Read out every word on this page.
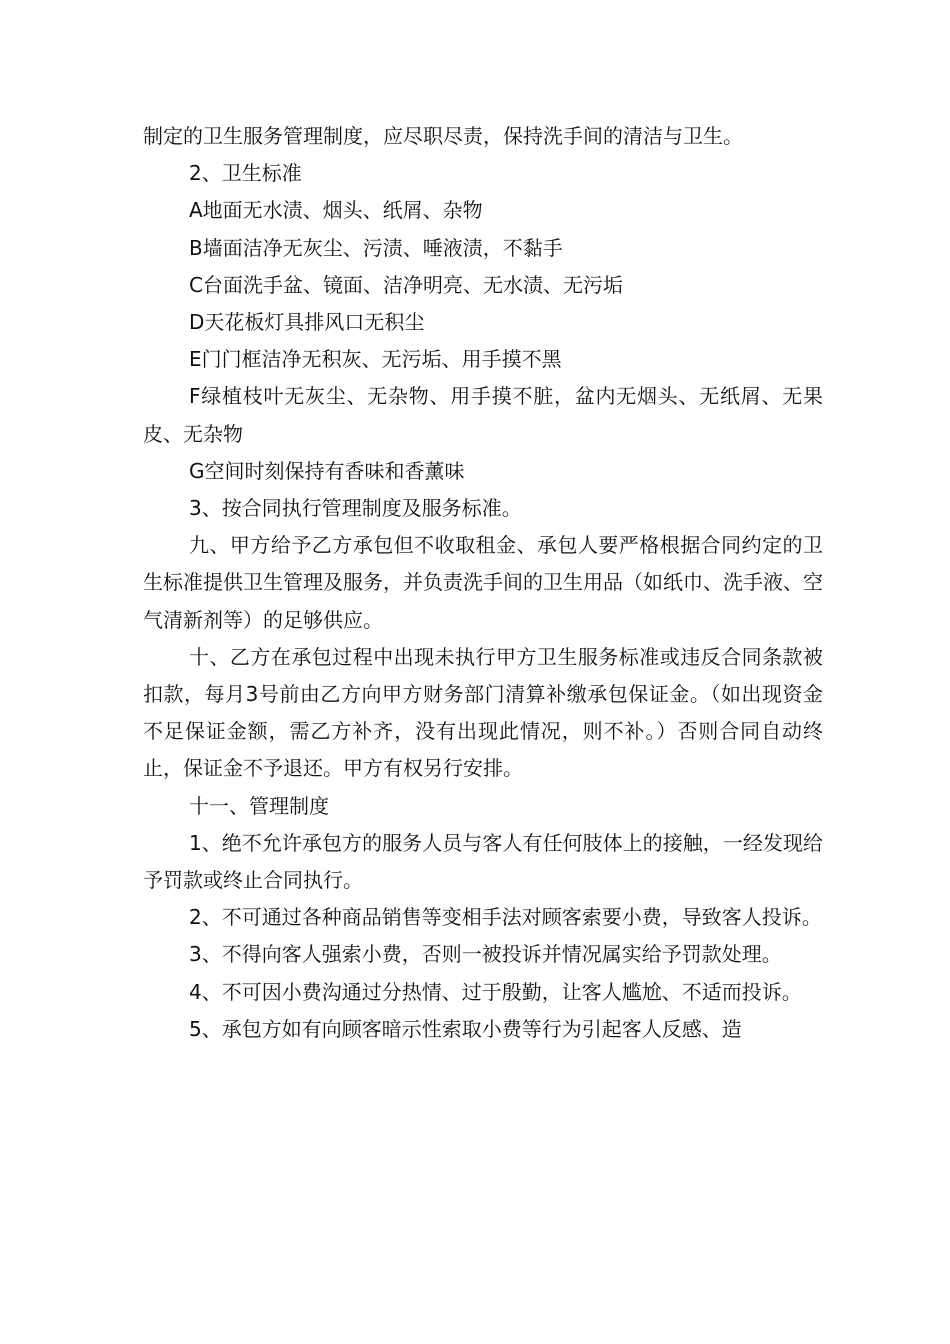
制定的卫生服务管理制度，应尽职尽责，保持洗手间的清洁与卫生。

2、卫生标准

A地面无水渍、烟头、纸屑、杂物

B墙面洁净无灰尘、污渍、唾液渍，不黏手

C台面洗手盆、镜面、洁净明亮、无水渍、无污垢

D天花板灯具排风口无积尘

E门门框洁净无积灰、无污垢、用手摸不黑

F绿植枝叶无灰尘、无杂物、用手摸不脏，盆内无烟头、无纸屑、无果皮、无杂物

G空间时刻保持有香味和香薰味

3、按合同执行管理制度及服务标准。

九、甲方给予乙方承包但不收取租金、承包人要严格根据合同约定的卫生标准提供卫生管理及服务，并负责洗手间的卫生用品（如纸巾、洗手液、空气清新剂等）的足够供应。

十、乙方在承包过程中出现未执行甲方卫生服务标准或违反合同条款被扣款，每月3号前由乙方向甲方财务部门清算补缴承包保证金。（如出现资金不足保证金额，需乙方补齐，没有出现此情况，则不补。）否则合同自动终止，保证金不予退还。甲方有权另行安排。

十一、管理制度

1、绝不允许承包方的服务人员与客人有任何肢体上的接触，一经发现给予罚款或终止合同执行。

2、不可通过各种商品销售等变相手法对顾客索要小费，导致客人投诉。

3、不得向客人强索小费，否则一被投诉并情况属实给予罚款处理。

4、不可因小费沟通过分热情、过于殷勤，让客人尴尬、不适而投诉。

5、承包方如有向顾客暗示性索取小费等行为引起客人反感、造
